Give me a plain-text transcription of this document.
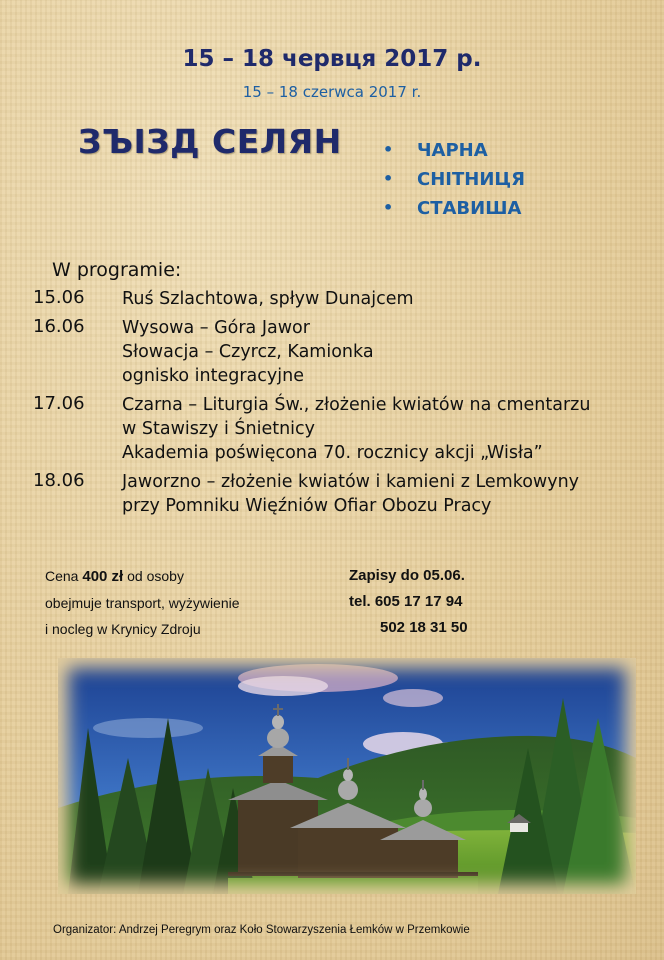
15 – 18 червця 2017 р.
15 – 18 czerwca 2017 r.
ЗЪІЗД СЕЛЯН	• ЧАРНА
• СНІТНИЦЯ
• СТАВИША
W programie:
15.06 Ruś Szlachtowa, spływ Dunajcem
16.06 Wysowa – Góra Jawor
Słowacja – Czyrcz, Kamionka
ognisko integracyjne
17.06 Czarna – Liturgia Św., złożenie kwiatów na cmentarzu
w Stawiszy i Śnietnicy
Akademia poświęcona 70. rocznicy akcji „Wisła”
18.06 Jaworzno – złożenie kwiatów i kamieni z Lemkowyny
przy Pomniku Więźniów Ofiar Obozu Pracy
Cena 400 zł od osoby
obejmuje transport, wyżywienie
i nocleg w Krynicy Zdroju
Zapisy do 05.06.
tel. 605 17 17 94
502 18 31 50
Organizator: Andrzej Peregrym oraz Koło Stowarzyszenia Łemków w Przemkowie
